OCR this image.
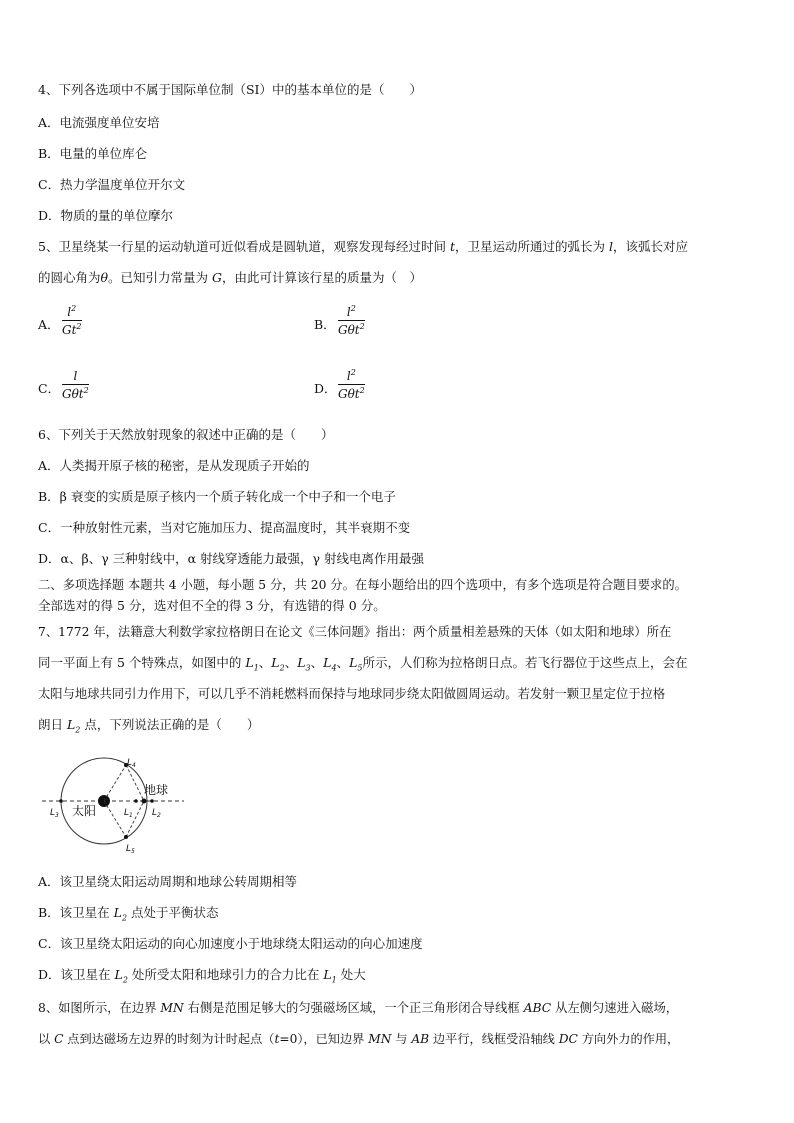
4、下列各选项中不属于国际单位制（SI）中的基本单位的是（　　）
A．电流强度单位安培
B．电量的单位库仑
C．热力学温度单位开尔文
D．物质的量的单位摩尔
5、卫星绕某一行星的运动轨道可近似看成是圆轨道，观察发现每经过时间 t，卫星运动所通过的弧长为 l，该弧长对应
的圆心角为θ。已知引力常量为 G，由此可计算该行星的质量为（　）
A． $\frac{l^2}{Gt^2}$	B．
$l^2$
Gθt$^2$
C．
l
Gθt$^2$	D．
$l^2$
Gθt$^2$
6、下列关于天然放射现象的叙述中正确的是（　　）
A．人类揭开原子核的秘密，是从发现质子开始的
B．β 衰变的实质是原子核内一个质子转化成一个中子和一个电子
C．一种放射性元素，当对它施加压力、提高温度时，其半衰期不变
D．α、β、γ 三种射线中，α 射线穿透能力最强，γ 射线电离作用最强
二、多项选择题 本题共 4 小题，每小题 5 分，共 20 分。在每小题给出的四个选项中，有多个选项是符合题目要求的。
全部选对的得 5 分，选对但不全的得 3 分，有选错的得 0 分。
7、1772 年，法籍意大利数学家拉格朗日在论文《三体问题》指出：两个质量相差悬殊的天体（如太阳和地球）所在
同一平面上有 5 个特殊点，如图中的 $L_1$、$L_2$、$L_3$、$L_4$、$L_5$所示，人们称为拉格朗日点。若飞行器位于这些点上，会在
太阳与地球共同引力作用下，可以几乎不消耗燃料而保持与地球同步绕太阳做圆周运动。若发射一颗卫星定位于拉格
朗日 $L_2$ 点，下列说法正确的是（　　）
太阳
地球
$L_4$
$L_5$
$L_1$ $L_2$
$L_3$
A．该卫星绕太阳运动周期和地球公转周期相等
B．该卫星在 $L_2$ 点处于平衡状态
C．该卫星绕太阳运动的向心加速度小于地球绕太阳运动的向心加速度
D．该卫星在 $L_2$ 处所受太阳和地球引力的合力比在 $L_1$ 处大
8、如图所示，在边界 MN 右侧是范围足够大的匀强磁场区域，一个正三角形闭合导线框 ABC 从左侧匀速进入磁场，
以 C 点到达磁场左边界的时刻为计时起点（t=0），已知边界 MN 与 AB 边平行，线框受沿轴线 DC 方向外力的作用，
